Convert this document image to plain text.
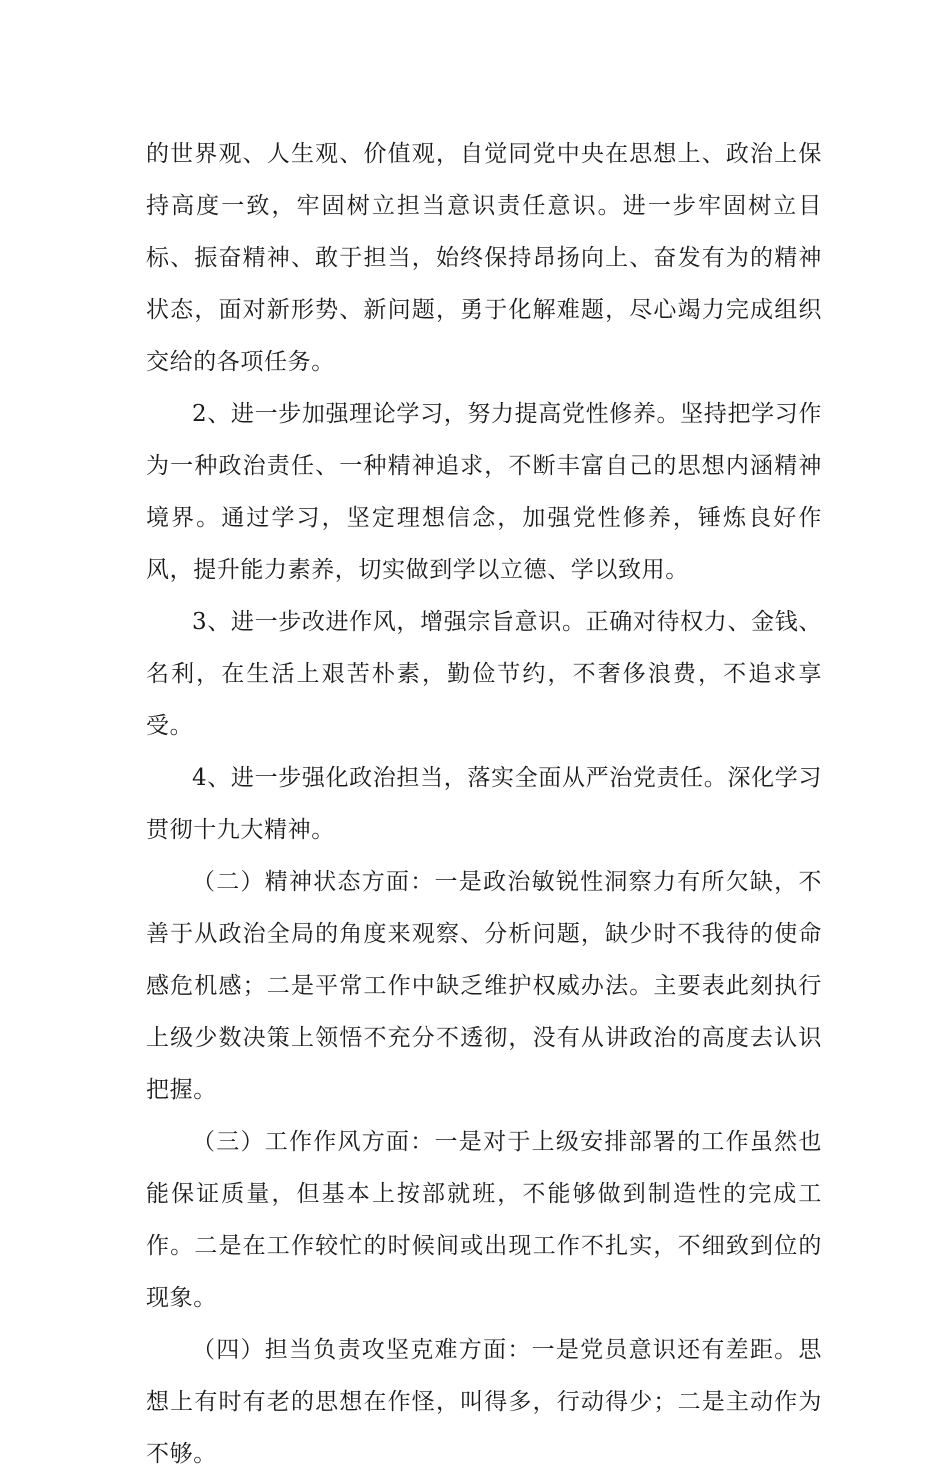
的世界观、人生观、价值观，自觉同党中央在思想上、政治上保持高度一致，牢固树立担当意识责任意识。进一步牢固树立目标、振奋精神、敢于担当，始终保持昂扬向上、奋发有为的精神状态，面对新形势、新问题，勇于化解难题，尽心竭力完成组织交给的各项任务。

2、进一步加强理论学习，努力提高党性修养。坚持把学习作为一种政治责任、一种精神追求，不断丰富自己的思想内涵精神境界。通过学习，坚定理想信念，加强党性修养，锤炼良好作风，提升能力素养，切实做到学以立德、学以致用。

3、进一步改进作风，增强宗旨意识。正确对待权力、金钱、名利，在生活上艰苦朴素，勤俭节约，不奢侈浪费，不追求享受。

4、进一步强化政治担当，落实全面从严治党责任。深化学习贯彻十九大精神。

（二）精神状态方面：一是政治敏锐性洞察力有所欠缺，不善于从政治全局的角度来观察、分析问题，缺少时不我待的使命感危机感；二是平常工作中缺乏维护权威办法。主要表此刻执行上级少数决策上领悟不充分不透彻，没有从讲政治的高度去认识把握。

（三）工作作风方面：一是对于上级安排部署的工作虽然也能保证质量，但基本上按部就班，不能够做到制造性的完成工作。二是在工作较忙的时候间或出现工作不扎实，不细致到位的现象。

（四）担当负责攻坚克难方面：一是党员意识还有差距。思想上有时有老的思想在作怪，叫得多，行动得少；二是主动作为不够。
